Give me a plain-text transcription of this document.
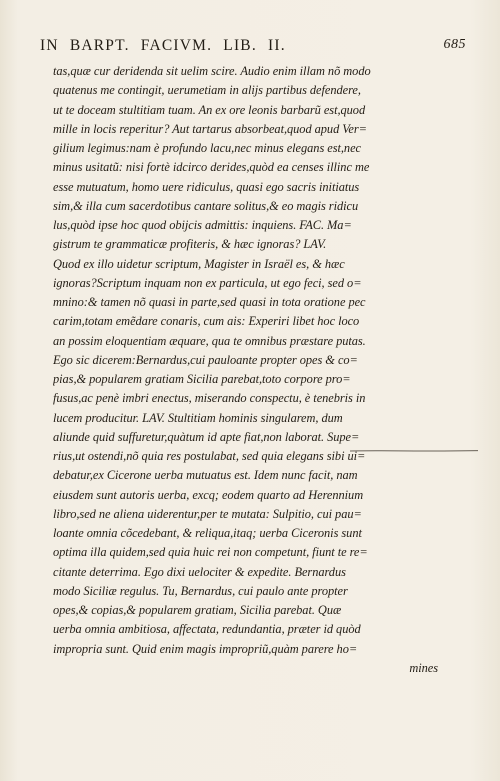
IN BARPT. FACIVM. LIB. II.	685
tas,quæ cur deridenda sit uelim scire. Audio enim illam nõ modo
quatenus me contingit, uerumetiam in alijs partibus defendere,
ut te doceam stultitiam tuam. An ex ore leonis barbarũ est,quod
mille in locis reperitur? Aut tartarus absorbeat,quod apud Ver=
gilium legimus:nam è profundo lacu,nec minus elegans est,nec
minus usitatũ: nisi fortè idcirco derides,quòd ea censes illinc me
esse mutuatum, homo uere ridiculus, quasi ego sacris initiatus
sim,& illa cum sacerdotibus cantare solitus,& eo magis ridicu
lus,quòd ipse hoc quod obijcis admittis: inquiens. FAC. Ma=
gistrum te grammaticæ profiteris, & hæc ignoras? LAV.
Quod ex illo uidetur scriptum, Magister in Israël es, & hæc
ignoras?Scriptum inquam non ex particula, ut ego feci, sed o=
mnino:& tamen nõ quasi in parte,sed quasi in tota oratione pec
carim,totam emẽdare conaris, cum ais: Experiri libet hoc loco
an possim eloquentiam æquare, qua te omnibus præstare putas.
Ego sic dicerem:Bernardus,cui pauloante propter opes & co=
pias,& popularem gratiam Sicilia parebat,toto corpore pro=
fusus,ac penè imbri enectus, miserando conspectu, è tenebris in
lucem producitur. LAV. Stultitiam hominis singularem, dum
aliunde quid suffuretur,quàtum id apte fiat,non laborat. Supe=
rius,ut ostendi,nõ quia res postulabat, sed quia elegans sibi ui=
debatur,ex Cicerone uerba mutuatus est. Idem nunc facit, nam
eiusdem sunt autoris uerba, excq; eodem quarto ad Herennium
libro,sed ne aliena uiderentur,per te mutata: Sulpitio, cui pau=
loante omnia cõcedebant, & reliqua,itaq; uerba Ciceronis sunt
optima illa quidem,sed quia huic rei non competunt, fiunt te re=
citante deterrima. Ego dixi uelociter & expedite. Bernardus
modo Siciliæ regulus. Tu, Bernardus, cui paulo ante propter
opes,& copias,& popularem gratiam, Sicilia parebat. Quæ
uerba omnia ambitiosa, affectata, redundantia, præter id quòd
impropria sunt. Quid enim magis impropriũ,quàm parere ho=
mines
